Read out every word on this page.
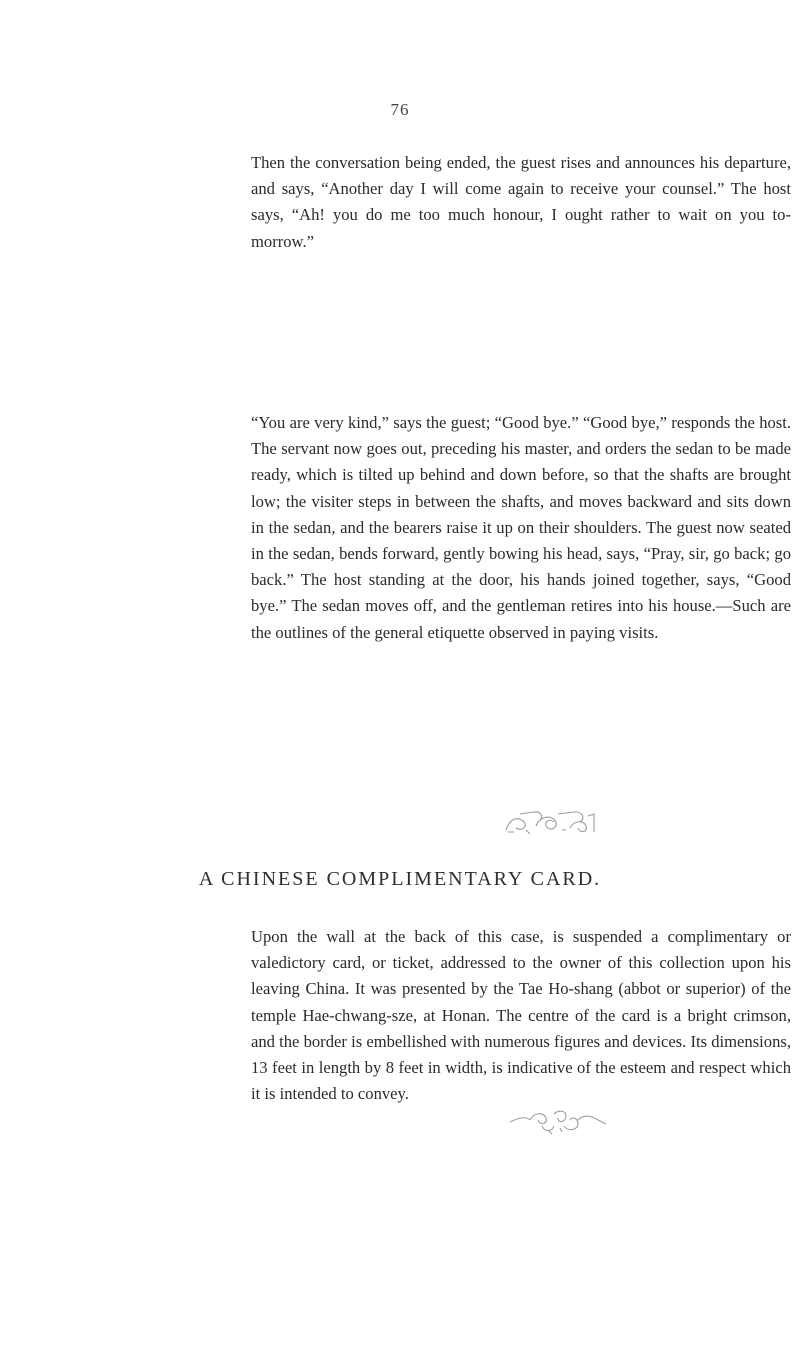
76

Then the conversation being ended, the guest rises and announces his departure, and says, “Another day I will come again to receive your counsel.” The host says, “Ah! you do me too much honour, I ought rather to wait on you to-morrow.”

“You are very kind,” says the guest; “Good bye.” “Good bye,” responds the host. The servant now goes out, preceding his master, and orders the sedan to be made ready, which is tilted up behind and down before, so that the shafts are brought low; the visiter steps in between the shafts, and moves backward and sits down in the sedan, and the bearers raise it up on their shoulders. The guest now seated in the sedan, bends forward, gently bowing his head, says, “Pray, sir, go back; go back.” The host standing at the door, his hands joined together, says, “Good bye.” The sedan moves off, and the gentleman retires into his house.—Such are the outlines of the general etiquette observed in paying visits.

A CHINESE COMPLIMENTARY CARD.

Upon the wall at the back of this case, is suspended a complimentary or valedictory card, or ticket, addressed to the owner of this collection upon his leaving China. It was presented by the Tae Ho-shang (abbot or superior) of the temple Hae-chwang-sze, at Honan. The centre of the card is a bright crimson, and the border is embellished with numerous figures and devices. Its dimensions, 13 feet in length by 8 feet in width, is indicative of the esteem and respect which it is intended to convey.
